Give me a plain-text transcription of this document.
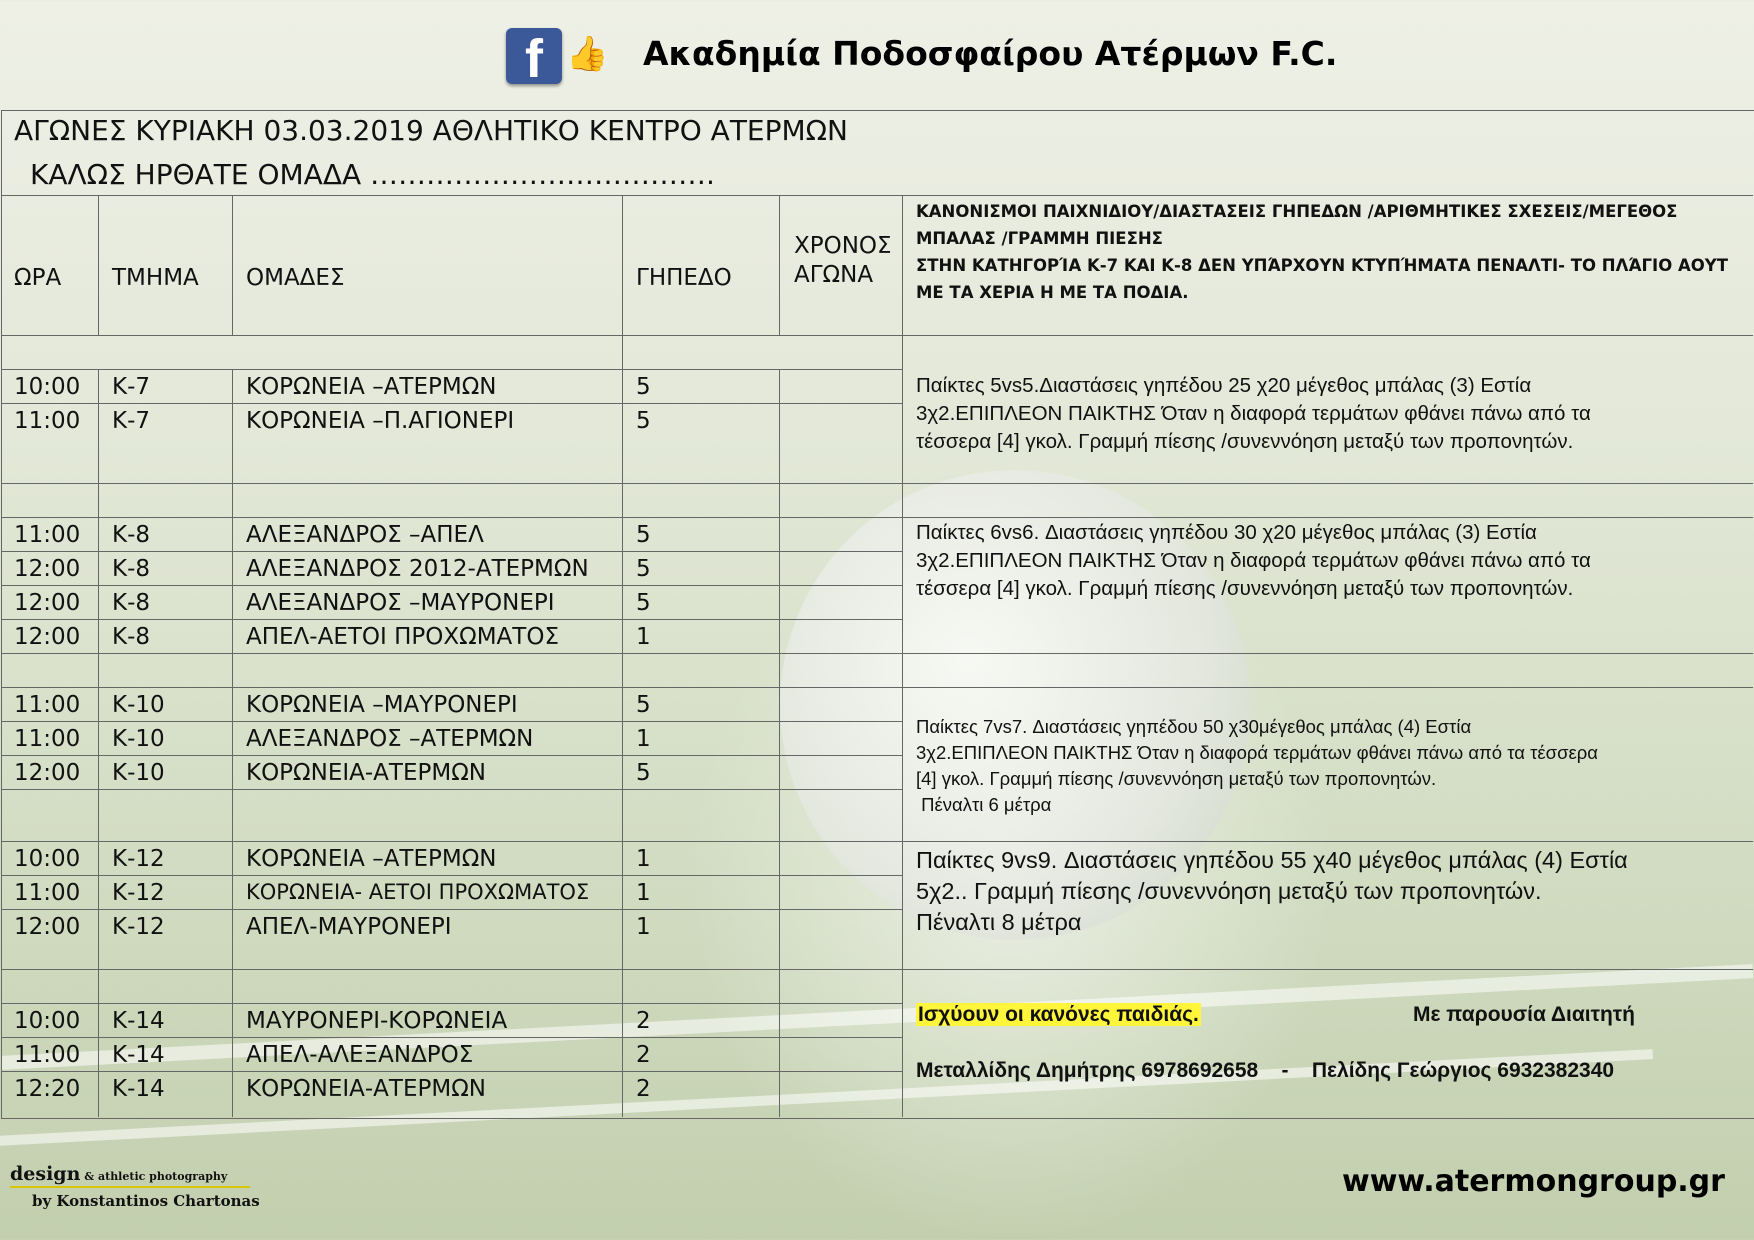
f 👍 Ακαδημία Ποδοσφαίρου Ατέρμων F.C.
ΑΓΩΝΕΣ ΚΥΡΙΑΚΗ 03.03.2019 ΑΘΛΗΤΙΚΟ ΚΕΝΤΡΟ ΑΤΕΡΜΩΝ
ΚΑΛΩΣ ΗΡΘΑΤΕ ΟΜΑΔΑ ……………………………….
ΩΡΑ ΤΜΗΜΑ ΟΜΑΔΕΣ	ΓΗΠΕΔΟ
ΧΡΟΝΟΣ
ΑΓΩΝΑ
ΚΑΝΟΝΙΣΜΟΙ ΠΑΙΧΝΙΔΙΟΥ/ΔΙΑΣΤΑΣΕΙΣ ΓΗΠΕΔΩΝ /ΑΡΙΘΜΗΤΙΚΕΣ ΣΧΕΣΕΙΣ/ΜΕΓΕΘΟΣ
ΜΠΑΛΑΣ /ΓΡΑΜΜΗ ΠΙΕΣΗΣ
ΣΤΗΝ ΚΑΤΗΓΟΡΊΑ Κ-7 ΚΑΙ Κ-8 ΔΕΝ ΥΠΆΡΧΟΥΝ ΚΤΥΠΉΜΑΤΑ ΠΕΝΑΛΤΙ- ΤΟ ΠΛΆΓΙΟ ΑΟΥΤ
ΜΕ ΤΑ ΧΕΡΙΑ Η ΜΕ ΤΑ ΠΟΔΙΑ.
10:00 Κ-7	ΚΟΡΩΝΕΙΑ –ΑΤΕΡΜΩΝ	5
11:00 Κ-7	ΚΟΡΩΝΕΙΑ –Π.ΑΓΙΟΝΕΡΙ	5
11:00 Κ-8	ΑΛΕΞΑΝΔΡΟΣ –ΑΠΕΛ	5
12:00 Κ-8	ΑΛΕΞΑΝΔΡΟΣ 2012-ΑΤΕΡΜΩΝ 5
12:00 Κ-8	ΑΛΕΞΑΝΔΡΟΣ –ΜΑΥΡΟΝΕΡΙ	5
12:00 Κ-8	ΑΠΕΛ-ΑΕΤΟΙ ΠΡΟΧΩΜΑΤΟΣ	1
11:00 Κ-10	ΚΟΡΩΝΕΙΑ –ΜΑΥΡΟΝΕΡΙ	5
11:00 Κ-10	ΑΛΕΞΑΝΔΡΟΣ –ΑΤΕΡΜΩΝ	1
12:00 Κ-10	ΚΟΡΩΝΕΙΑ-ΑΤΕΡΜΩΝ	5
10:00 Κ-12	ΚΟΡΩΝΕΙΑ –ΑΤΕΡΜΩΝ	1
11:00 Κ-12	ΚΟΡΩΝΕΙΑ- ΑΕΤΟΙ ΠΡΟΧΩΜΑΤΟΣ 1
12:00 Κ-12	ΑΠΕΛ-ΜΑΥΡΟΝΕΡΙ	1
10:00 Κ-14	ΜΑΥΡΟΝΕΡΙ-ΚΟΡΩΝΕΙΑ	2
11:00 Κ-14	ΑΠΕΛ-ΑΛΕΞΑΝΔΡΟΣ	2
12:20 Κ-14	ΚΟΡΩΝΕΙΑ-ΑΤΕΡΜΩΝ	2
Παίκτες 5vs5.Διαστάσεις γηπέδου 25 χ20 μέγεθος μπάλας (3) Εστία
3χ2.ΕΠΙΠΛΕΟΝ ΠΑΙΚΤΗΣ Όταν η διαφορά τερμάτων φθάνει πάνω από τα
τέσσερα [4] γκολ. Γραμμή πίεσης /συνεννόηση μεταξύ των προπονητών.
Παίκτες 6vs6. Διαστάσεις γηπέδου 30 χ20 μέγεθος μπάλας (3) Εστία
3χ2.ΕΠΙΠΛΕΟΝ ΠΑΙΚΤΗΣ Όταν η διαφορά τερμάτων φθάνει πάνω από τα
τέσσερα [4] γκολ. Γραμμή πίεσης /συνεννόηση μεταξύ των προπονητών.
Παίκτες 7vs7. Διαστάσεις γηπέδου 50 χ30μέγεθος μπάλας (4) Εστία
3χ2.ΕΠΙΠΛΕΟΝ ΠΑΙΚΤΗΣ Όταν η διαφορά τερμάτων φθάνει πάνω από τα τέσσερα
[4] γκολ. Γραμμή πίεσης /συνεννόηση μεταξύ των προπονητών.
Πέναλτι 6 μέτρα
Παίκτες 9vs9. Διαστάσεις γηπέδου 55 χ40 μέγεθος μπάλας (4) Εστία
5χ2.. Γραμμή πίεσης /συνεννόηση μεταξύ των προπονητών.
Πέναλτι 8 μέτρα
Ισχύουν οι κανόνες παιδιάς.	Με παρουσία Διαιτητή
Μεταλλίδης Δημήτρης 6978692658    -    Πελίδης Γεώργιος 6932382340
design & athletic photography
by Konstantinos Chartonas
www.atermongroup.gr
